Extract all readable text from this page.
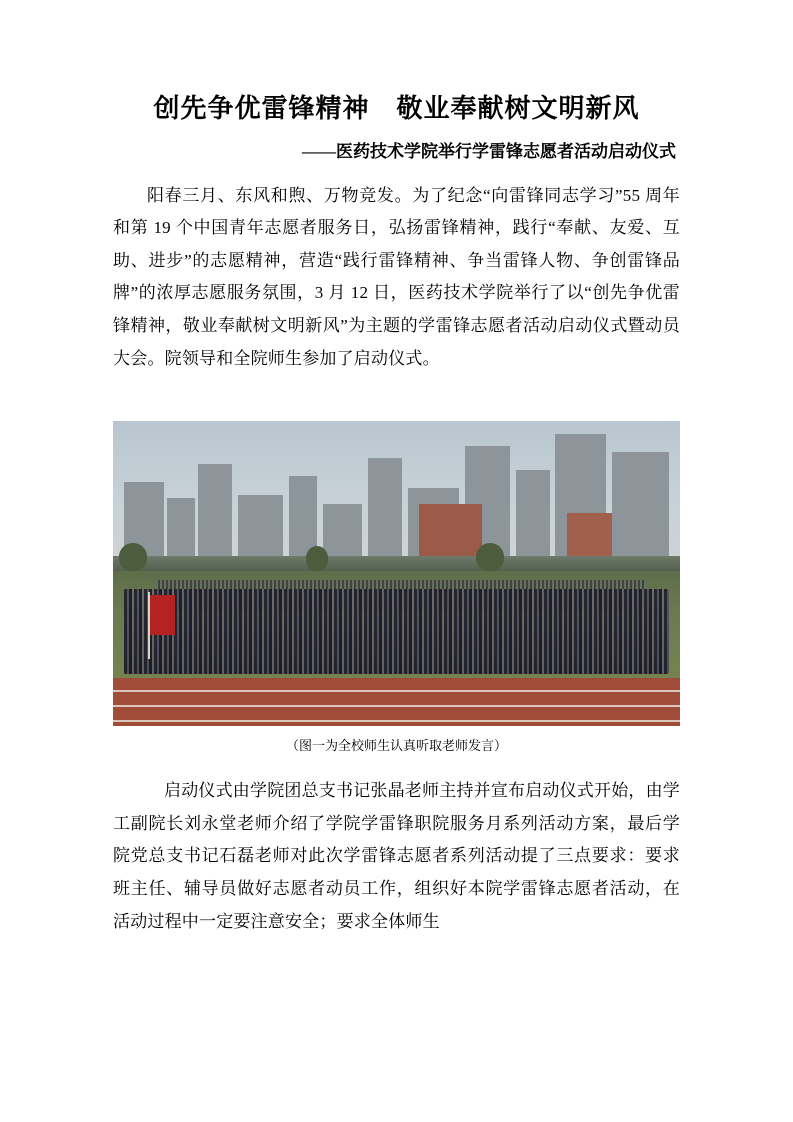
创先争优雷锋精神　敬业奉献树文明新风
——医药技术学院举行学雷锋志愿者活动启动仪式

阳春三月、东风和煦、万物竞发。为了纪念“向雷锋同志学习”55 周年和第 19 个中国青年志愿者服务日，弘扬雷锋精神，践行“奉献、友爱、互助、进步”的志愿精神，营造“践行雷锋精神、争当雷锋人物、争创雷锋品牌”的浓厚志愿服务氛围，3 月 12 日，医药技术学院举行了以“创先争优雷锋精神，敬业奉献树文明新风”为主题的学雷锋志愿者活动启动仪式暨动员大会。院领导和全院师生参加了启动仪式。

（图一为全校师生认真听取老师发言）

启动仪式由学院团总支书记张晶老师主持并宣布启动仪式开始，由学工副院长刘永堂老师介绍了学院学雷锋职院服务月系列活动方案，最后学院党总支书记石磊老师对此次学雷锋志愿者系列活动提了三点要求：要求班主任、辅导员做好志愿者动员工作，组织好本院学雷锋志愿者活动，在活动过程中一定要注意安全；要求全体师生
